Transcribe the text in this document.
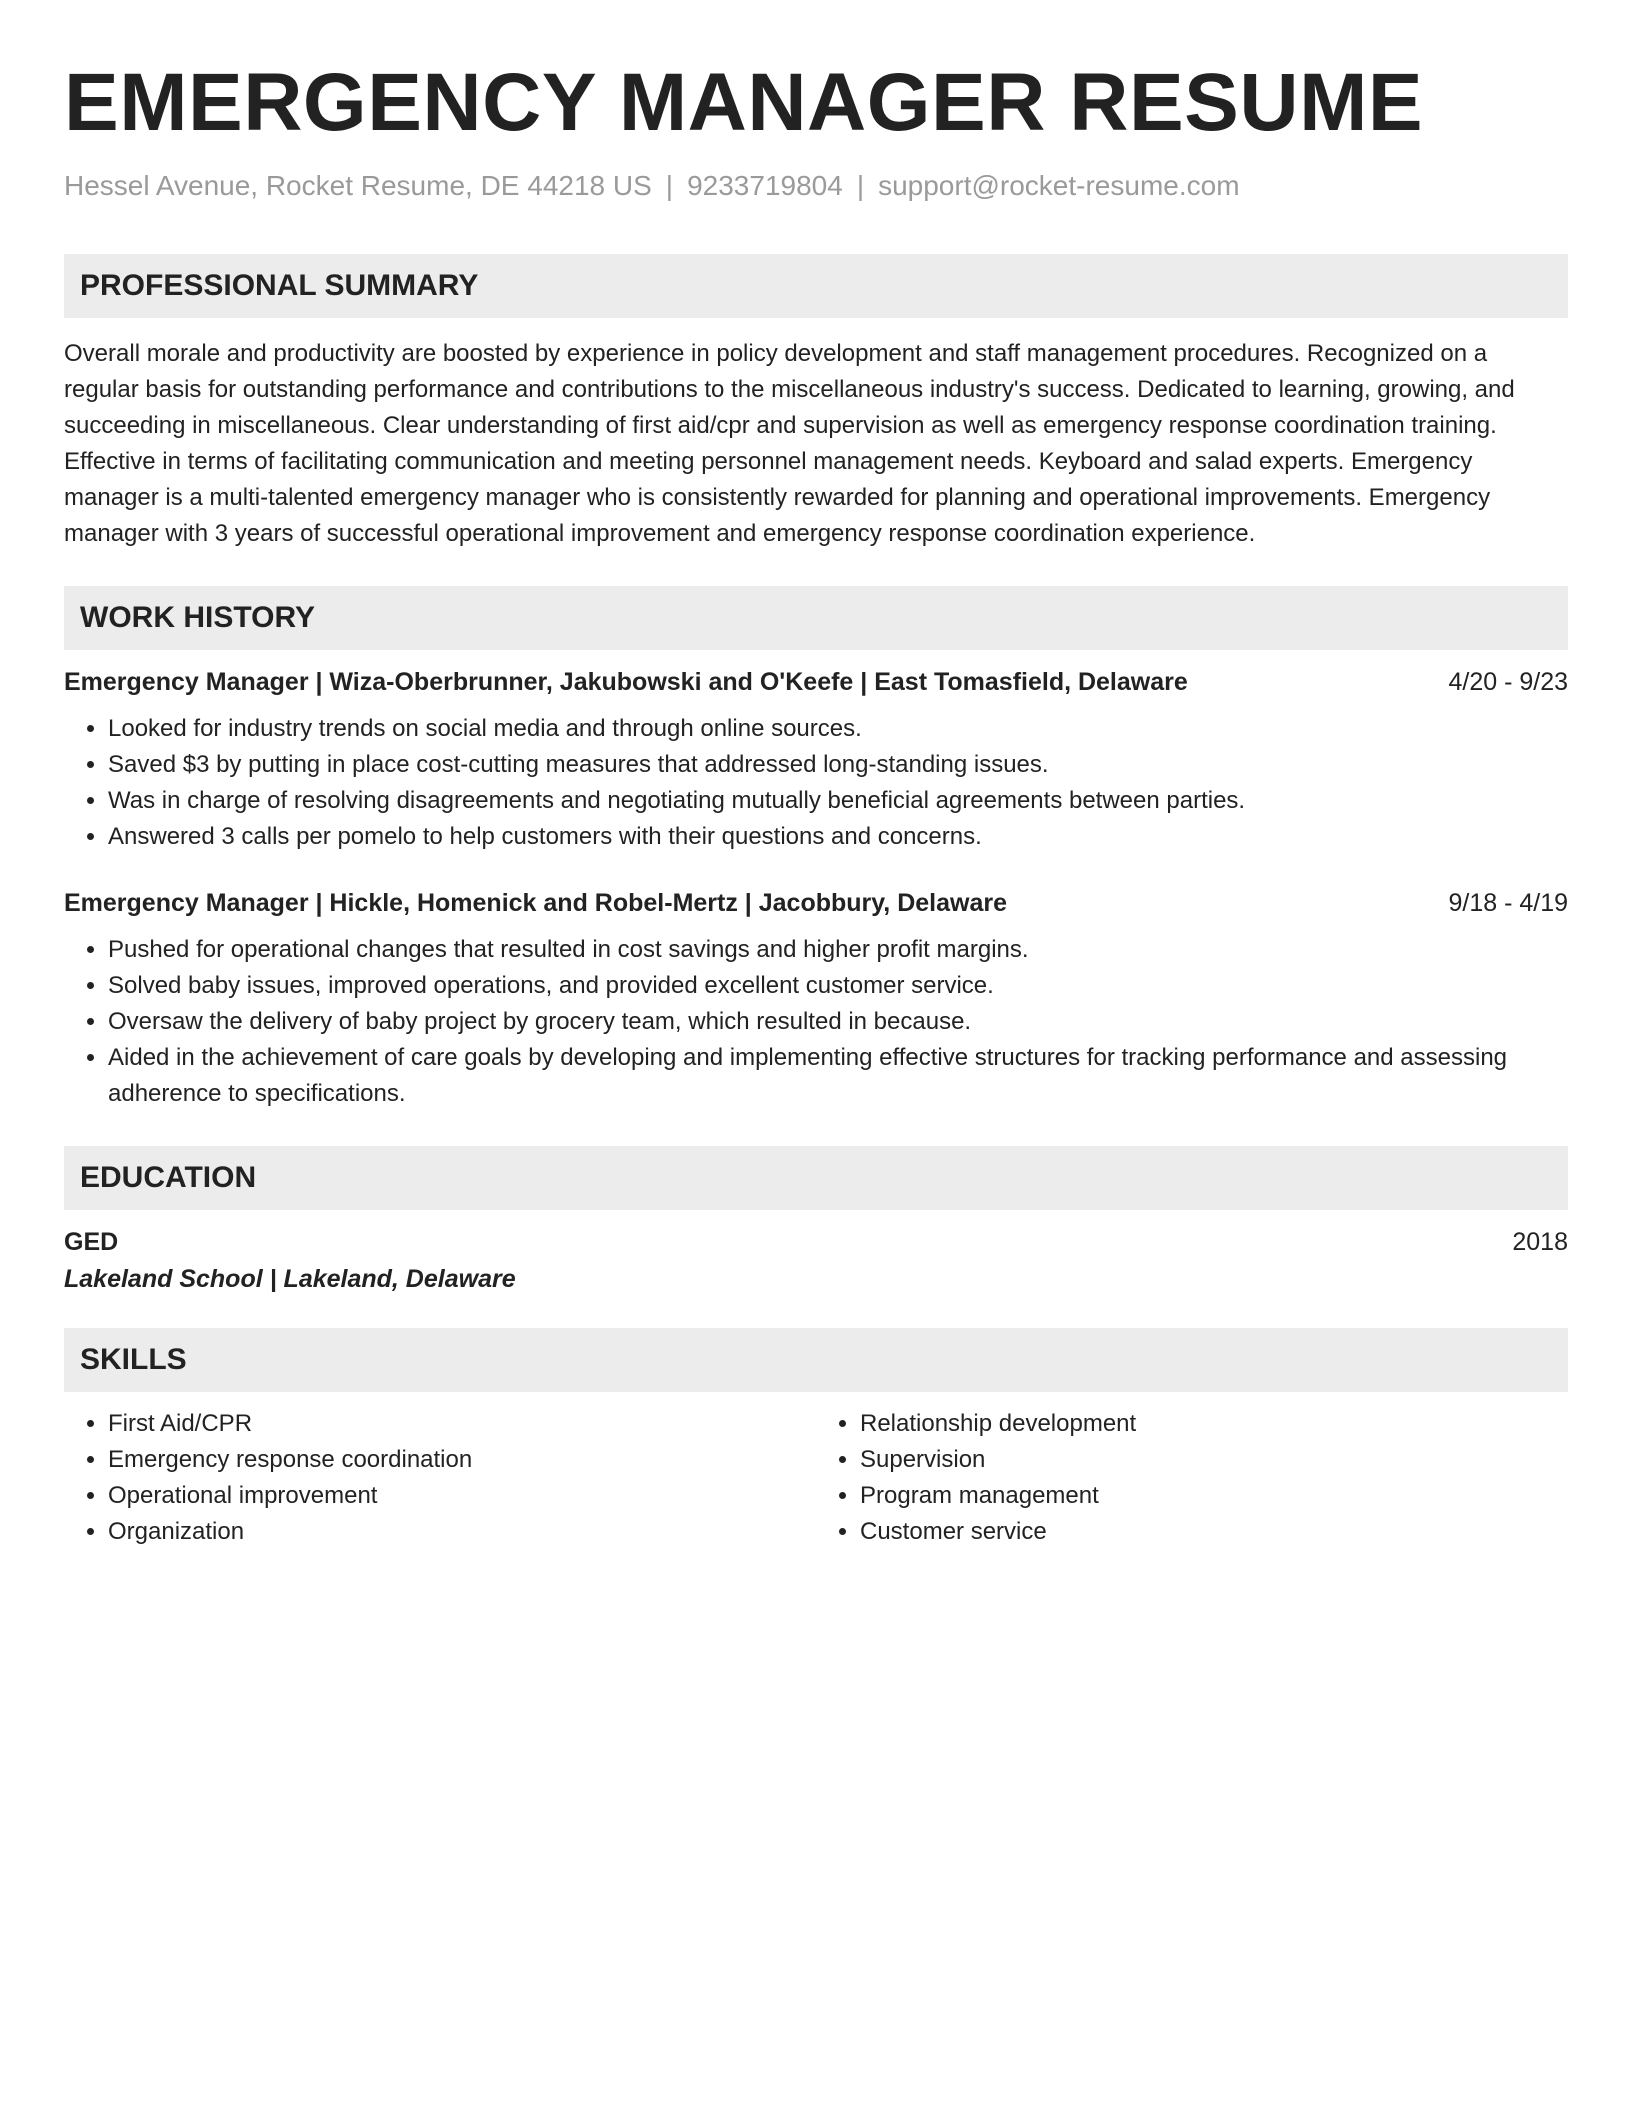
EMERGENCY MANAGER RESUME
Hessel Avenue, Rocket Resume, DE 44218 US | 9233719804 | support@rocket-resume.com
PROFESSIONAL SUMMARY
Overall morale and productivity are boosted by experience in policy development and staff management procedures. Recognized on a regular basis for outstanding performance and contributions to the miscellaneous industry's success. Dedicated to learning, growing, and succeeding in miscellaneous. Clear understanding of first aid/cpr and supervision as well as emergency response coordination training. Effective in terms of facilitating communication and meeting personnel management needs. Keyboard and salad experts. Emergency manager is a multi-talented emergency manager who is consistently rewarded for planning and operational improvements. Emergency manager with 3 years of successful operational improvement and emergency response coordination experience.
WORK HISTORY
Emergency Manager | Wiza-Oberbrunner, Jakubowski and O'Keefe | East Tomasfield, Delaware	4/20 - 9/23
• Looked for industry trends on social media and through online sources.
• Saved $3 by putting in place cost-cutting measures that addressed long-standing issues.
• Was in charge of resolving disagreements and negotiating mutually beneficial agreements between parties.
• Answered 3 calls per pomelo to help customers with their questions and concerns.
Emergency Manager | Hickle, Homenick and Robel-Mertz | Jacobbury, Delaware	9/18 - 4/19
• Pushed for operational changes that resulted in cost savings and higher profit margins.
• Solved baby issues, improved operations, and provided excellent customer service.
• Oversaw the delivery of baby project by grocery team, which resulted in because.
• Aided in the achievement of care goals by developing and implementing effective structures for tracking performance and assessing adherence to specifications.
EDUCATION
GED	2018
Lakeland School | Lakeland, Delaware
SKILLS
• First Aid/CPR
• Emergency response coordination
• Operational improvement
• Organization
• Relationship development
• Supervision
• Program management
• Customer service
